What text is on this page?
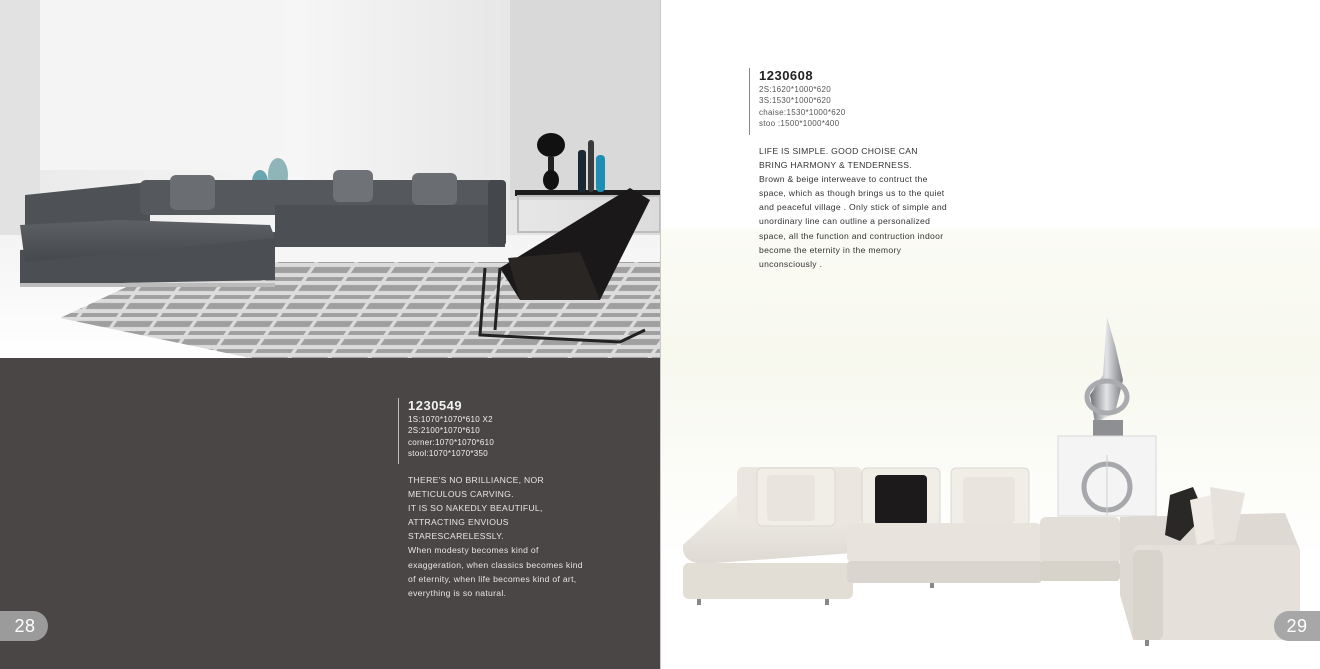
1230549
1S:1070*1070*610 X2
2S:2100*1070*610
corner:1070*1070*610
stool:1070*1070*350
THERE'S NO BRILLIANCE, NOR
METICULOUS CARVING.
IT IS SO NAKEDLY BEAUTIFUL,
ATTRACTING ENVIOUS
STARESCARELESSLY.
When modesty becomes kind of
exaggeration, when classics becomes kind
of eternity, when life becomes kind of art,
everything is so natural.
28
1230608
2S:1620*1000*620
3S:1530*1000*620
chaise:1530*1000*620
stoo :1500*1000*400
LIFE IS SIMPLE. GOOD CHOISE CAN
BRING HARMONY & TENDERNESS.
Brown & beige interweave to contruct the
space, which as though brings us to the quiet
and peaceful village . Only stick of simple and
unordinary line can outline a personalized
space, all the function and contruction indoor
become the eternity in the memory
unconsciously .
29
